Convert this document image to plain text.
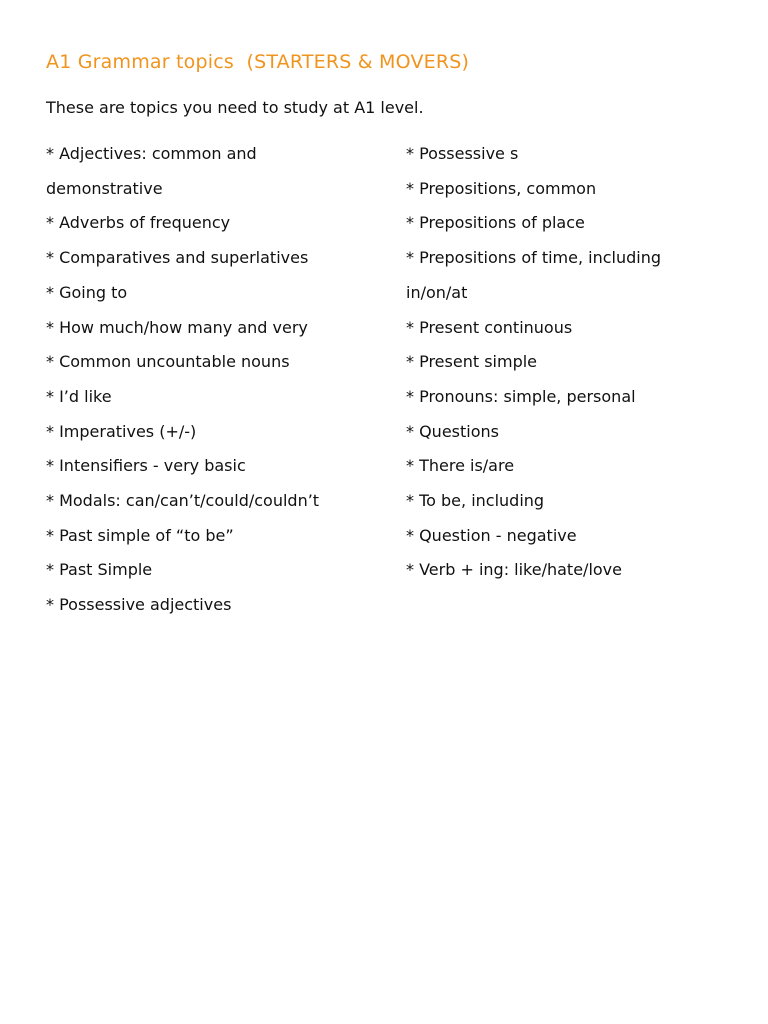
A1 Grammar topics  (STARTERS & MOVERS)
These are topics you need to study at A1 level.
* Adjectives: common and
demonstrative
* Adverbs of frequency
* Comparatives and superlatives
* Going to
* How much/how many and very
* Common uncountable nouns
* I’d like
* Imperatives (+/-)
* Intensifiers - very basic
* Modals: can/can’t/could/couldn’t
* Past simple of “to be”
* Past Simple
* Possessive adjectives
* Possessive s
* Prepositions, common
* Prepositions of place
* Prepositions of time, including
in/on/at
* Present continuous
* Present simple
* Pronouns: simple, personal
* Questions
* There is/are
* To be, including
* Question - negative
* Verb + ing: like/hate/love
